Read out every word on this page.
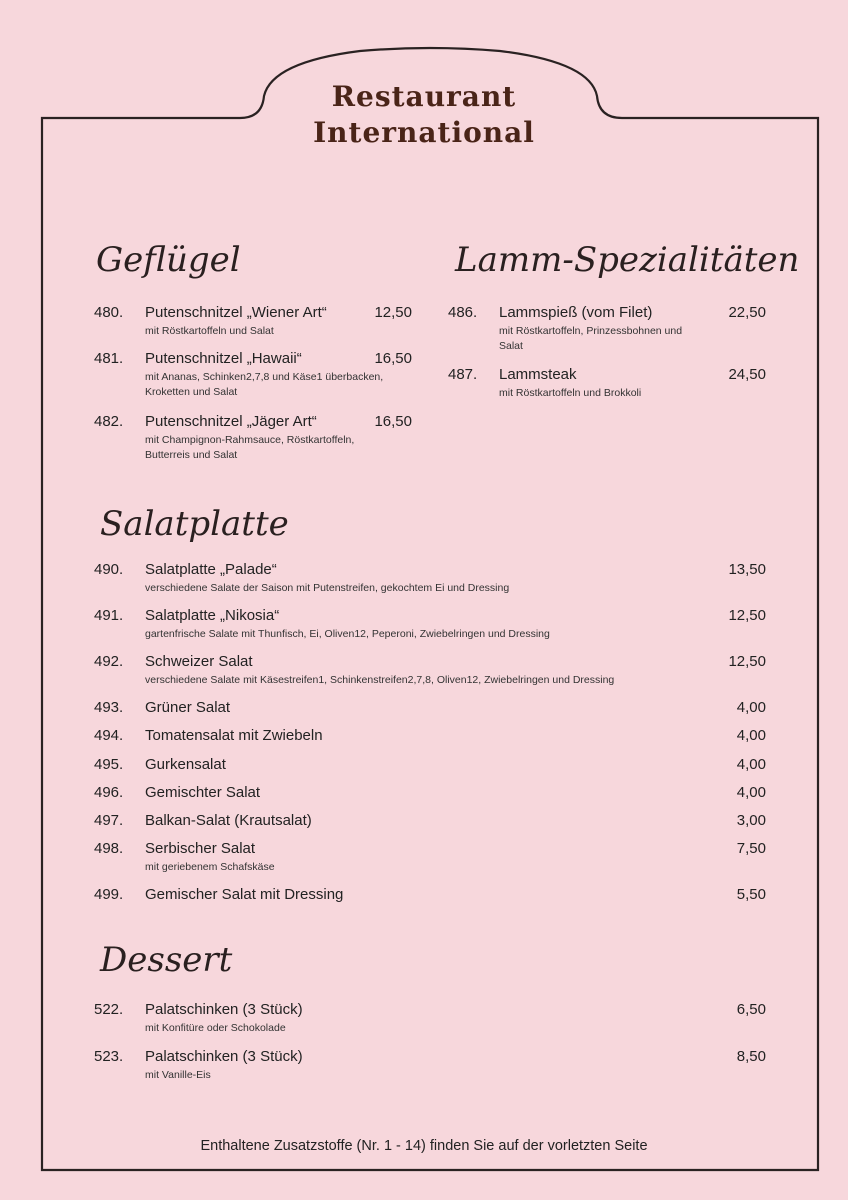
Restaurant
International
Geflügel	Lamm-Spezialitäten
Salatplatte
Dessert
480. Putenschnitzel „Wiener Art“	12,50
mit Röstkartoffeln und Salat
481. Putenschnitzel „Hawaii“	16,50
mit Ananas, Schinken2,7,8 und Käse1 überbacken, Kroketten und Salat
482. Putenschnitzel „Jäger Art“	16,50
mit Champignon-Rahmsauce, Röstkartoffeln, Butterreis und Salat
486. Lammspieß (vom Filet)	22,50
mit Röstkartoffeln, Prinzessbohnen und Salat
487. Lammsteak	24,50
mit Röstkartoffeln und Brokkoli
490. Salatplatte „Palade“	13,50
verschiedene Salate der Saison mit Putenstreifen, gekochtem Ei und Dressing
491. Salatplatte „Nikosia“	12,50
gartenfrische Salate mit Thunfisch, Ei, Oliven12, Peperoni, Zwiebelringen und Dressing
492. Schweizer Salat	12,50
verschiedene Salate mit Käsestreifen1, Schinkenstreifen2,7,8, Oliven12, Zwiebelringen und Dressing
493. Grüner Salat	4,00
494. Tomatensalat mit Zwiebeln	4,00
495. Gurkensalat	4,00
496. Gemischter Salat	4,00
497. Balkan-Salat (Krautsalat)	3,00
498. Serbischer Salat	7,50
mit geriebenem Schafskäse
499. Gemischer Salat mit Dressing	5,50
522. Palatschinken (3 Stück)	6,50
mit Konfitüre oder Schokolade
523. Palatschinken (3 Stück)	8,50
mit Vanille-Eis
Enthaltene Zusatzstoffe (Nr. 1 - 14) finden Sie auf der vorletzten Seite
